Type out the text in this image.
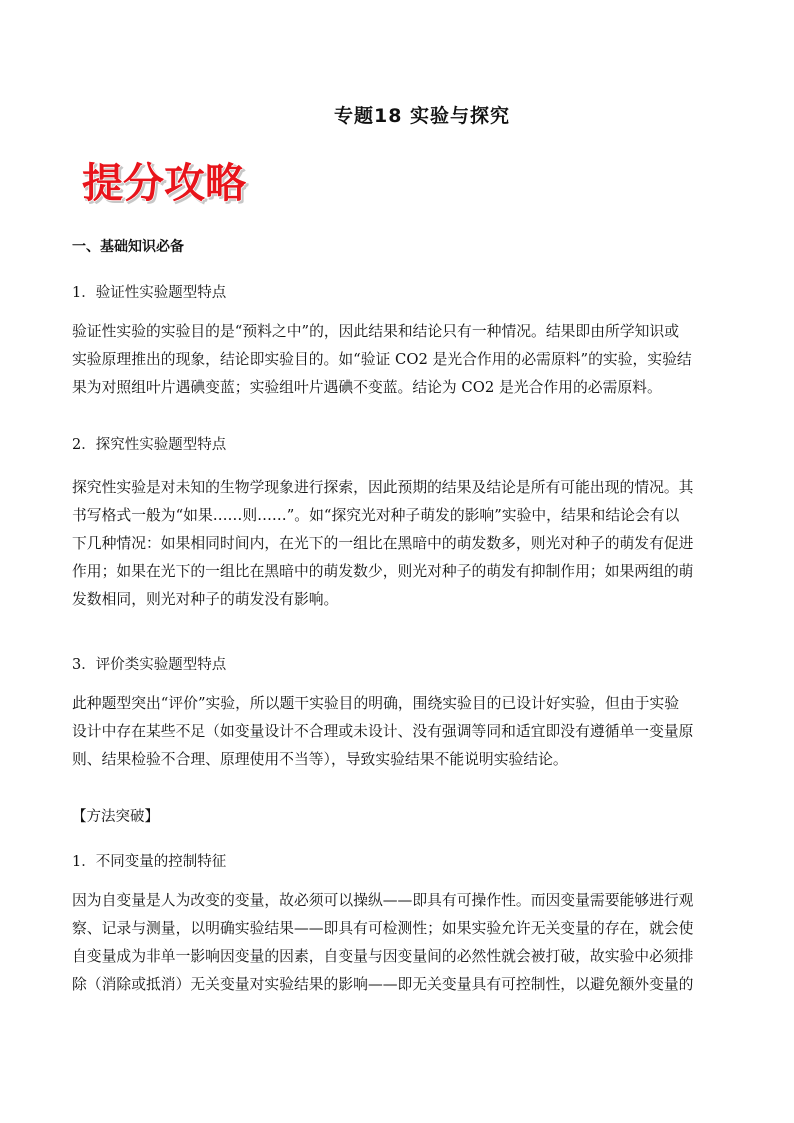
专题18 实验与探究
提分攻略
一、基础知识必备
1．验证性实验题型特点
验证性实验的实验目的是“预料之中”的，因此结果和结论只有一种情况。结果即由所学知识或
实验原理推出的现象，结论即实验目的。如“验证 CO2 是光合作用的必需原料”的实验，实验结
果为对照组叶片遇碘变蓝；实验组叶片遇碘不变蓝。结论为 CO2 是光合作用的必需原料。
2．探究性实验题型特点
探究性实验是对未知的生物学现象进行探索，因此预期的结果及结论是所有可能出现的情况。其
书写格式一般为“如果……则……”。如“探究光对种子萌发的影响”实验中，结果和结论会有以
下几种情况：如果相同时间内，在光下的一组比在黑暗中的萌发数多，则光对种子的萌发有促进
作用；如果在光下的一组比在黑暗中的萌发数少，则光对种子的萌发有抑制作用；如果两组的萌
发数相同，则光对种子的萌发没有影响。
3．评价类实验题型特点
此种题型突出“评价”实验，所以题干实验目的明确，围绕实验目的已设计好实验，但由于实验
设计中存在某些不足（如变量设计不合理或未设计、没有强调等同和适宜即没有遵循单一变量原
则、结果检验不合理、原理使用不当等），导致实验结果不能说明实验结论。
【方法突破】
1．不同变量的控制特征
因为自变量是人为改变的变量，故必须可以操纵——即具有可操作性。而因变量需要能够进行观
察、记录与测量，以明确实验结果——即具有可检测性；如果实验允许无关变量的存在，就会使
自变量成为非单一影响因变量的因素，自变量与因变量间的必然性就会被打破，故实验中必须排
除（消除或抵消）无关变量对实验结果的影响——即无关变量具有可控制性，以避免额外变量的
